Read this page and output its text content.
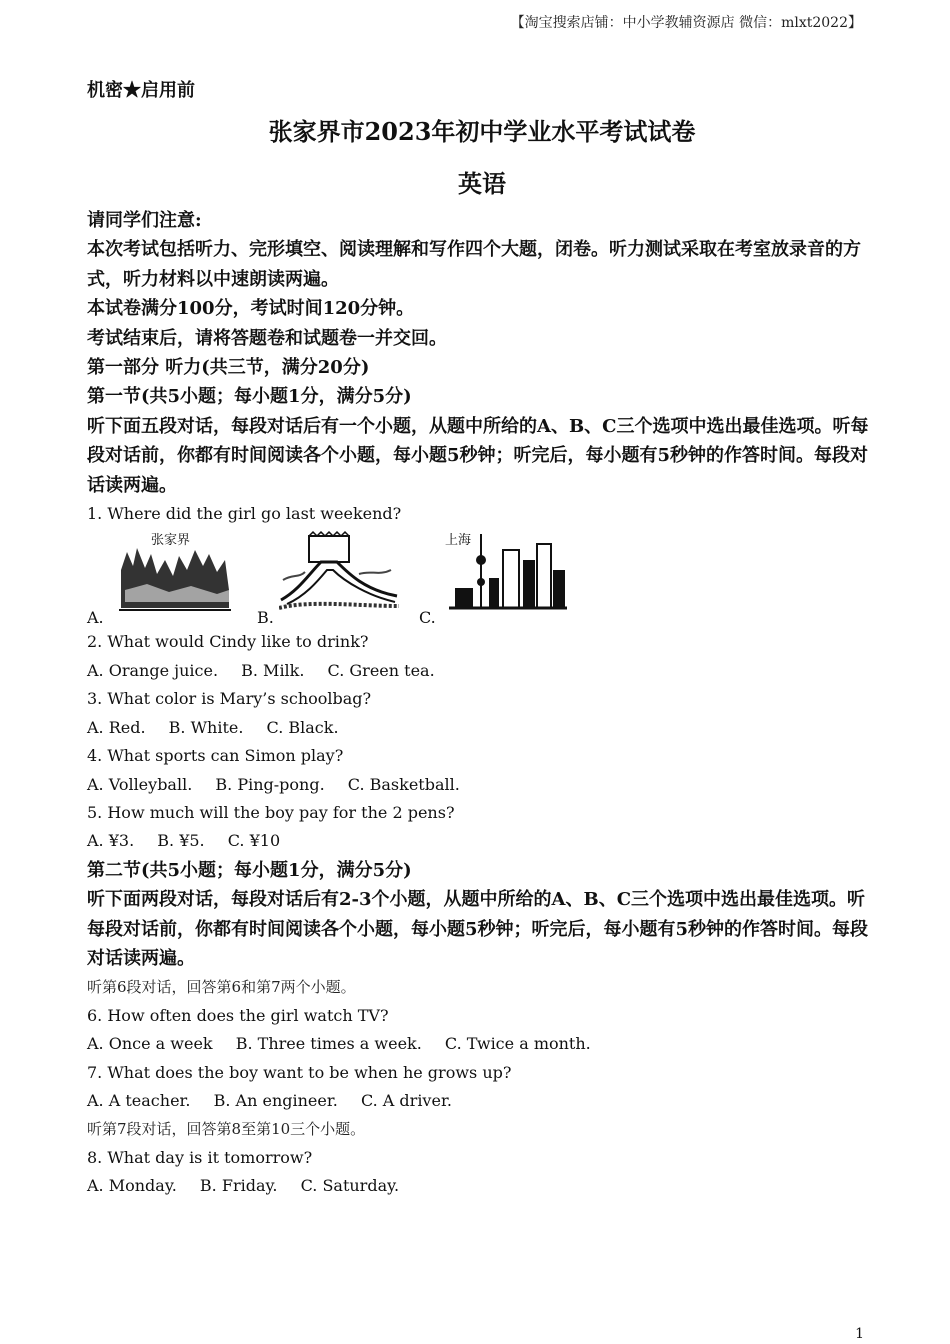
【淘宝搜索店铺：中小学教辅资源店 微信：mlxt2022】
机密★启用前
张家界市2023年初中学业水平考试试卷
英语
请同学们注意:
本次考试包括听力、完形填空、阅读理解和写作四个大题，闭卷。听力测试采取在考室放录音的方式，听力材料以中速朗读两遍。
本试卷满分100分，考试时间120分钟。
考试结束后，请将答题卷和试题卷一并交回。
第一部分 听力(共三节，满分20分)
第一节(共5小题；每小题1分，满分5分)
听下面五段对话，每段对话后有一个小题，从题中所给的A、B、C三个选项中选出最佳选项。听每段对话前，你都有时间阅读各个小题，每小题5秒钟；听完后，每小题有5秒钟的作答时间。每段对话读两遍。
1. Where did the girl go last weekend?
A.
张家界
B.	C.
上海
2. What would Cindy like to drink?
A. Orange juice. B. Milk. C. Green tea.
3. What color is Mary’s schoolbag?
A. Red. B. White. C. Black.
4. What sports can Simon play?
A. Volleyball. B. Ping-pong. C. Basketball.
5. How much will the boy pay for the 2 pens?
A. ¥3. B. ¥5. C. ¥10
第二节(共5小题；每小题1分，满分5分)
听下面两段对话，每段对话后有2-3个小题，从题中所给的A、B、C三个选项中选出最佳选项。听每段对话前，你都有时间阅读各个小题，每小题5秒钟；听完后，每小题有5秒钟的作答时间。每段对话读两遍。
听第6段对话，回答第6和第7两个小题。
6. How often does the girl watch TV?
A. Once a week B. Three times a week. C. Twice a month.
7. What does the boy want to be when he grows up?
A. A teacher. B. An engineer. C. A driver.
听第7段对话，回答第8至第10三个小题。
8. What day is it tomorrow?
A. Monday. B. Friday. C. Saturday.
1
